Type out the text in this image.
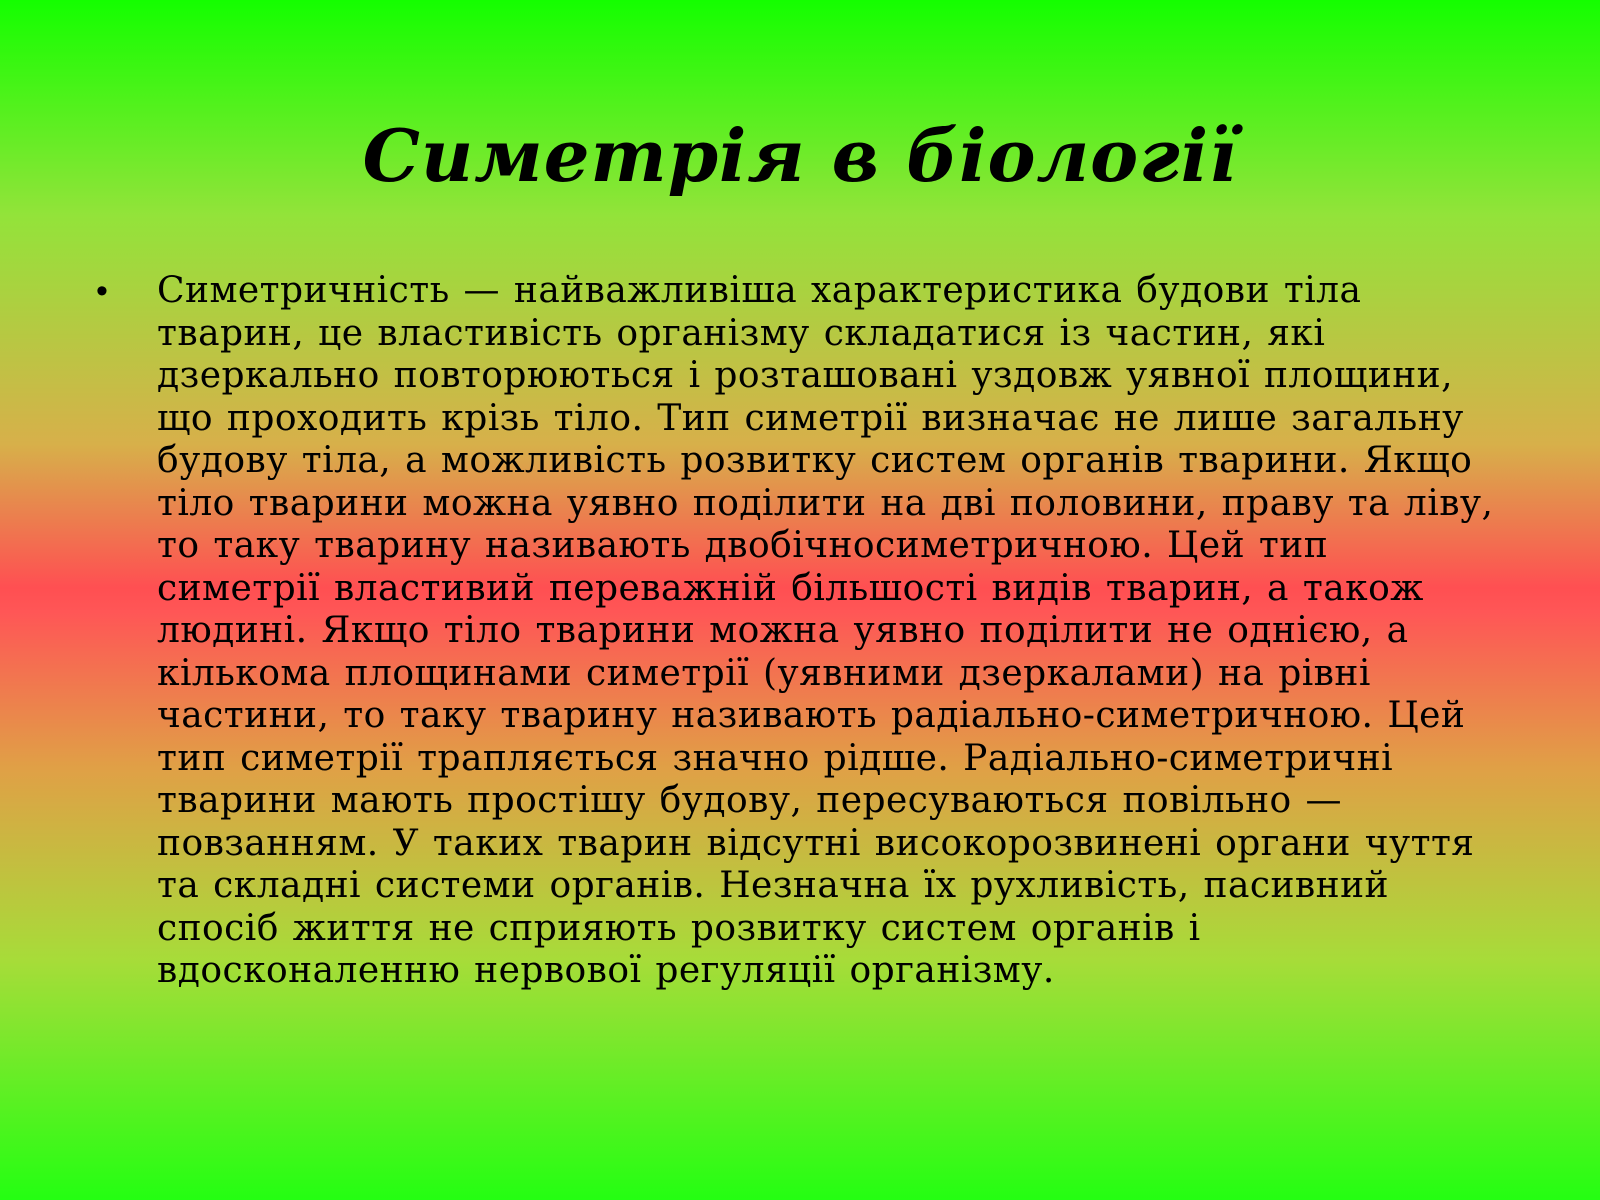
Симетрія в біології
• Симетричність — найважливіша характеристика будови тіла тварин, це властивість організму складатися із частин, які дзеркально повторюються і розташовані уздовж уявної площини, що проходить крізь тіло. Тип симетрії визначає не лише загальну будову тіла, а можливість розвитку систем органів тварини. Якщо тіло тварини можна уявно поділити на дві половини, праву та ліву, то таку тварину називають двобічносиметричною. Цей тип симетрії властивий переважній більшості видів тварин, а також людині. Якщо тіло тварини можна уявно поділити не однією, а кількома площинами симетрії (уявними дзеркалами) на рівні частини, то таку тварину називають радіально-симетричною. Цей тип симетрії трапляється значно рідше. Радіально-симетричні тварини мають простішу будову, пересуваються повільно — повзанням. У таких тварин відсутні високорозвинені органи чуття та складні системи органів. Незначна їх рухливість, пасивний спосіб життя не сприяють розвитку систем органів і вдосконаленню нервової регуляції організму.
